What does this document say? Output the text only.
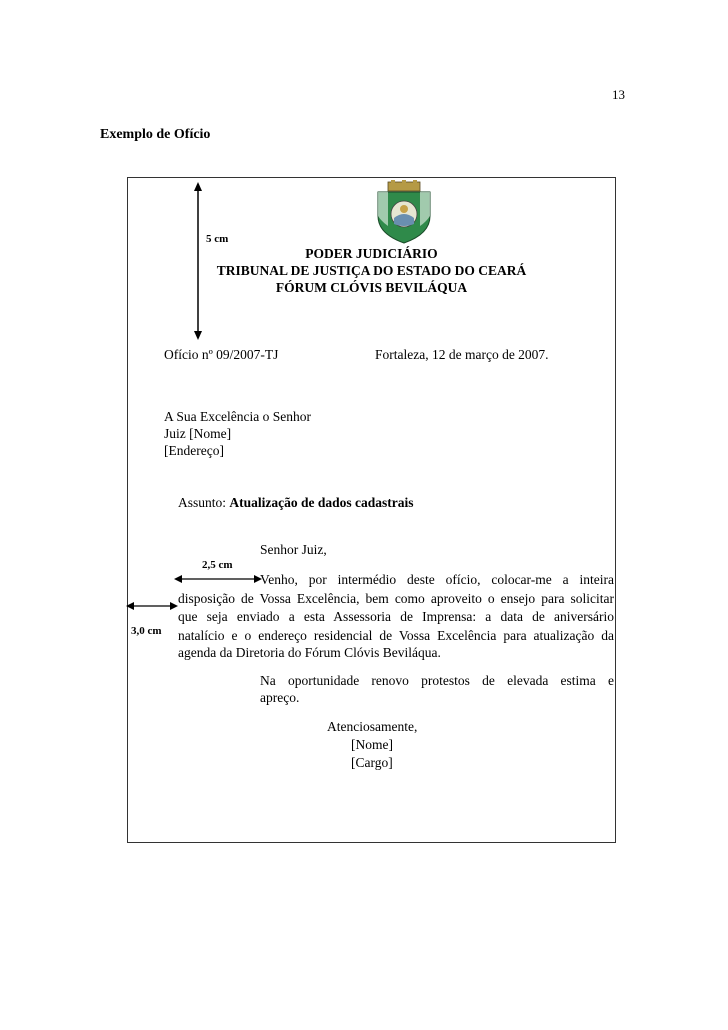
13
Exemplo de Ofício
5 cm
PODER JUDICIÁRIO
TRIBUNAL DE JUSTIÇA DO ESTADO DO CEARÁ
FÓRUM CLÓVIS BEVILÁQUA
Ofício nº 09/2007-TJ	Fortaleza, 12 de março de 2007.
A Sua Excelência o Senhor
Juiz [Nome]
[Endereço]
Assunto: Atualização de dados cadastrais
Senhor Juiz,
2,5 cm
3,0 cm
Venho, por intermédio deste ofício, colocar-me a inteira
disposição de Vossa Excelência, bem como aproveito o ensejo para solicitar
que seja enviado a esta Assessoria de Imprensa: a data de aniversário
natalício e o endereço residencial de Vossa Excelência para atualização da
agenda da Diretoria do Fórum Clóvis Beviláqua.
Na oportunidade renovo protestos de elevada estima e
apreço.
Atenciosamente,
[Nome]
[Cargo]
